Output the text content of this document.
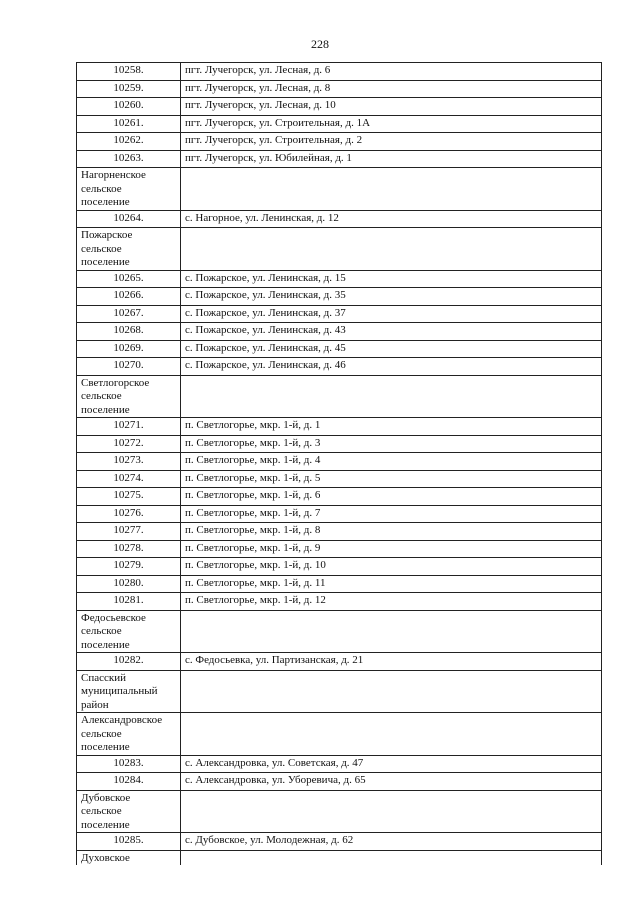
228
10258.	пгт. Лучегорск, ул. Лесная, д. 6
10259.	пгт. Лучегорск, ул. Лесная, д. 8
10260.	пгт. Лучегорск, ул. Лесная, д. 10
10261.	пгт. Лучегорск, ул. Строительная, д. 1А
10262.	пгт. Лучегорск, ул. Строительная, д. 2
10263.	пгт. Лучегорск, ул. Юбилейная, д. 1

Нагорненское
сельское
поселение	

10264.	с. Нагорное, ул. Ленинская, д. 12

Пожарское
сельское
поселение	

10265.	с. Пожарское, ул. Ленинская, д. 15
10266.	с. Пожарское, ул. Ленинская, д. 35
10267.	с. Пожарское, ул. Ленинская, д. 37
10268.	с. Пожарское, ул. Ленинская, д. 43
10269.	с. Пожарское, ул. Ленинская, д. 45
10270.	с. Пожарское, ул. Ленинская, д. 46

Светлогорское
сельское
поселение	

10271.	п. Светлогорье, мкр. 1-й, д. 1
10272.	п. Светлогорье, мкр. 1-й, д. 3
10273.	п. Светлогорье, мкр. 1-й, д. 4
10274.	п. Светлогорье, мкр. 1-й, д. 5
10275.	п. Светлогорье, мкр. 1-й, д. 6
10276.	п. Светлогорье, мкр. 1-й, д. 7
10277.	п. Светлогорье, мкр. 1-й, д. 8
10278.	п. Светлогорье, мкр. 1-й, д. 9
10279.	п. Светлогорье, мкр. 1-й, д. 10
10280.	п. Светлогорье, мкр. 1-й, д. 11
10281.	п. Светлогорье, мкр. 1-й, д. 12

Федосьевское
сельское
поселение	

10282.	с. Федосьевка, ул. Партизанская, д. 21

Спасский
муниципальный
район	

Александровское
сельское
поселение	

10283.	с. Александровка, ул. Советская, д. 47
10284.	с. Александровка, ул. Уборевича, д. 65

Дубовское
сельское
поселение	

10285.	с. Дубовское, ул. Молодежная, д. 62

Духовское	
